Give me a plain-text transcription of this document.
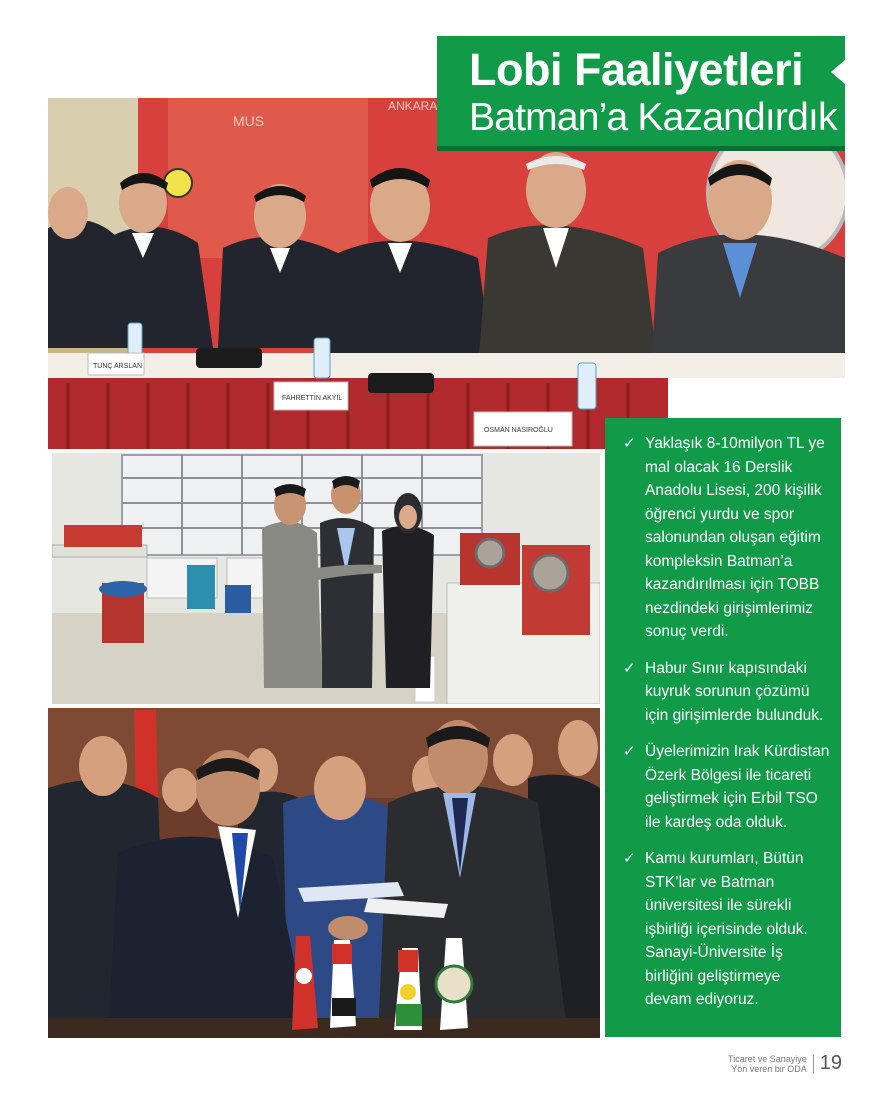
MUS
ANKARA
TUNÇ ARSLAN
FAHRETTİN AKYIL
OSMAN NASIROĞLU
Lobi Faaliyetleri
Batman’a Kazandırdık
✓ Yaklaşık 8-10milyon TL ye mal olacak 16 Derslik Anadolu Lisesi, 200 kişilik öğrenci yurdu ve spor salonundan oluşan eğitim kompleksin Batman’a kazandırılması için TOBB nezdindeki girişimlerimiz sonuç verdi.
✓ Habur Sınır kapısındaki kuyruk sorunun çözümü için girişimlerde bulunduk.
✓ Üyelerimizin Irak Kürdistan Özerk Bölgesi ile ticareti geliştirmek için Erbil TSO ile kardeş oda olduk.
✓ Kamu kurumları, Bütün STK’lar ve Batman üniversitesi ile sürekli işbirliği içerisinde olduk. Sanayi-Üniversite İş birliğini geliştirmeye devam ediyoruz.
Ticaret ve Sanayiye
Yön veren bir ODA 19
